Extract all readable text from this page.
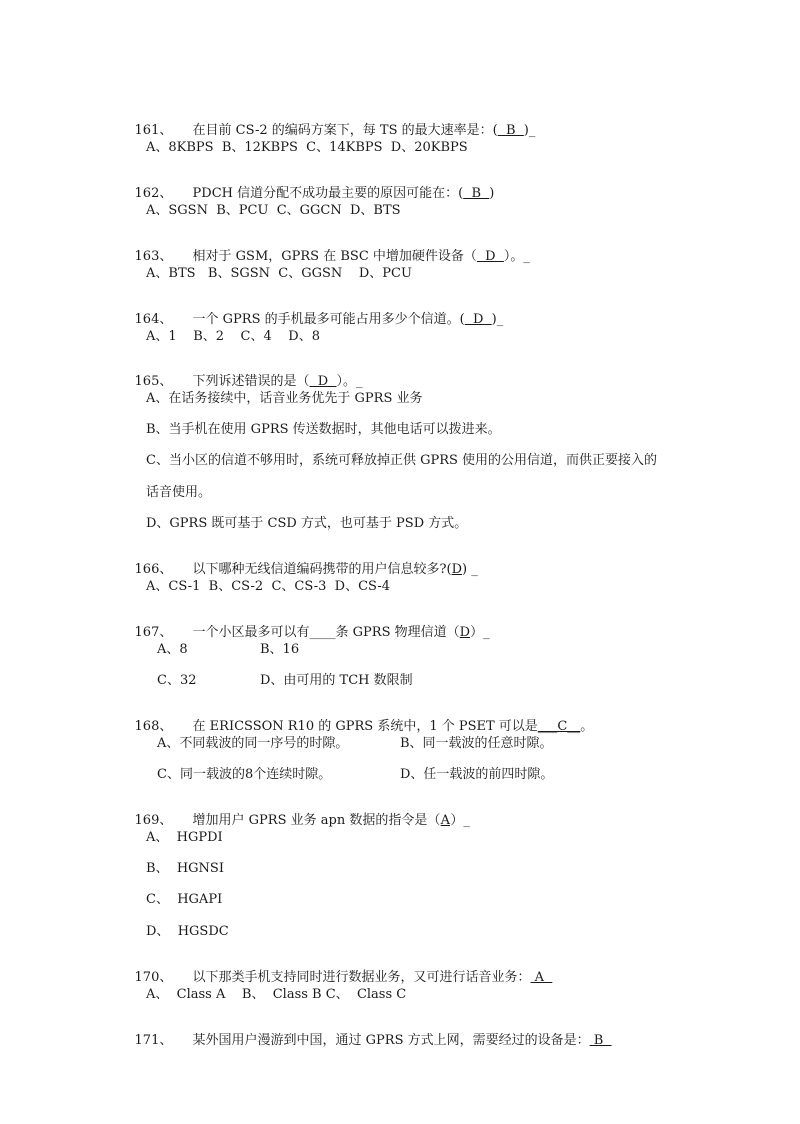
161、 在目前 CS-2 的编码方案下，每 TS 的最大速率是：(  B  )_

A、8KBPS  B、12KBPS  C、14KBPS  D、20KBPS

162、 PDCH 信道分配不成功最主要的原因可能在：(  B  )

A、SGSN  B、PCU  C、GGCN  D、BTS

163、 相对于 GSM，GPRS 在 BSC 中增加硬件设备（  D  ）。_

A、BTS   B、SGSN  C、GGSN    D、PCU

164、 一个 GPRS 的手机最多可能占用多少个信道。(  D  )_

A、1    B、2    C、4    D、8

165、 下列诉述错误的是（  D  ）。_

A、在话务接续中，话音业务优先于 GPRS 业务
B、当手机在使用 GPRS 传送数据时，其他电话可以拨进来。
C、当小区的信道不够用时，系统可释放掉正供 GPRS 使用的公用信道，而供正要接入的
话音使用。
D、GPRS 既可基于 CSD 方式，也可基于 PSD 方式。

166、 以下哪种无线信道编码携带的用户信息较多?(D) _

A、CS-1  B、CS-2  C、CS-3  D、CS-4

167、 一个小区最多可以有____条 GPRS 物理信道（D）_

A、8	B、16
C、32	D、由可用的 TCH 数限制

168、 在 ERICSSON R10 的 GPRS 系统中，1 个 PSET 可以是___C__。

A、不同载波的同一序号的时隙。	B、同一载波的任意时隙。
C、同一载波的8个连续时隙。	D、任一载波的前四时隙。

169、 增加用户 GPRS 业务 apn 数据的指令是（A）_

A、  HGPDI
B、  HGNSI
C、  HGAPI
D、  HGSDC

170、 以下那类手机支持同时进行数据业务，又可进行话音业务： A

A、  Class A    B、  Class B C、  Class C

171、 某外国用户漫游到中国，通过 GPRS 方式上网，需要经过的设备是： B
